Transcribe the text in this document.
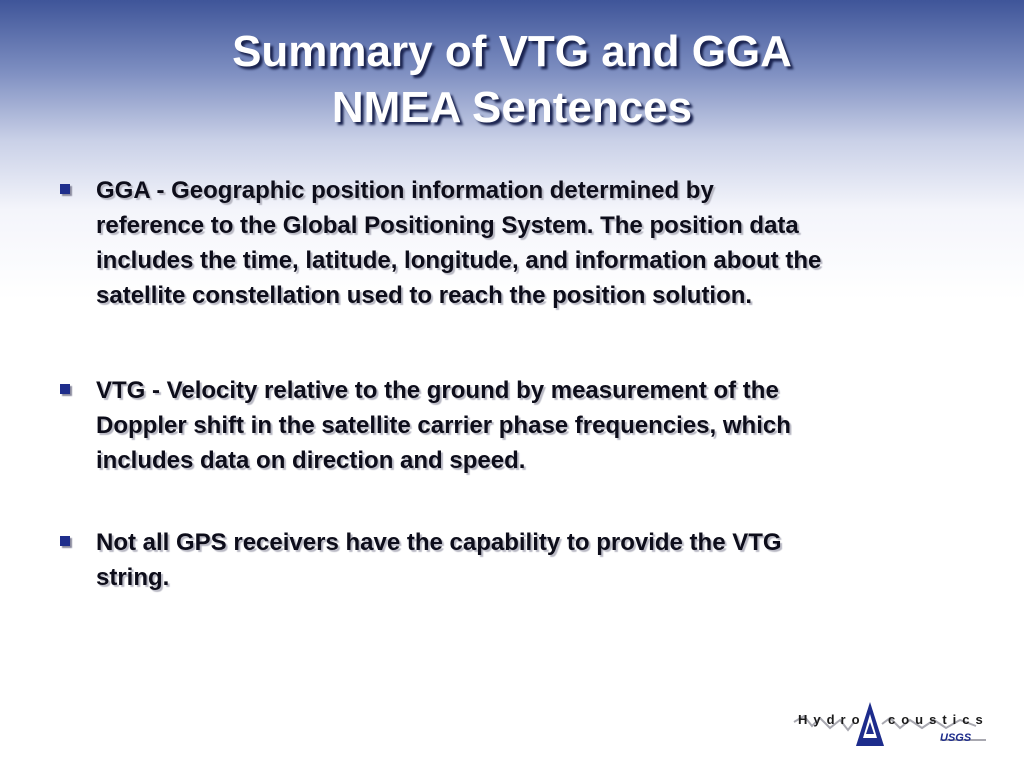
Summary of VTG and GGA
NMEA Sentences
GGA - Geographic position information determined by
reference to the Global Positioning System. The position data
includes the time, latitude, longitude, and information about the
satellite constellation used to reach the position solution.
VTG - Velocity relative to the ground by measurement of the
Doppler shift in the satellite carrier phase frequencies, which
includes data on direction and speed.
Not all GPS receivers have the capability to provide the VTG
string.
Hydro coustics
USGS
